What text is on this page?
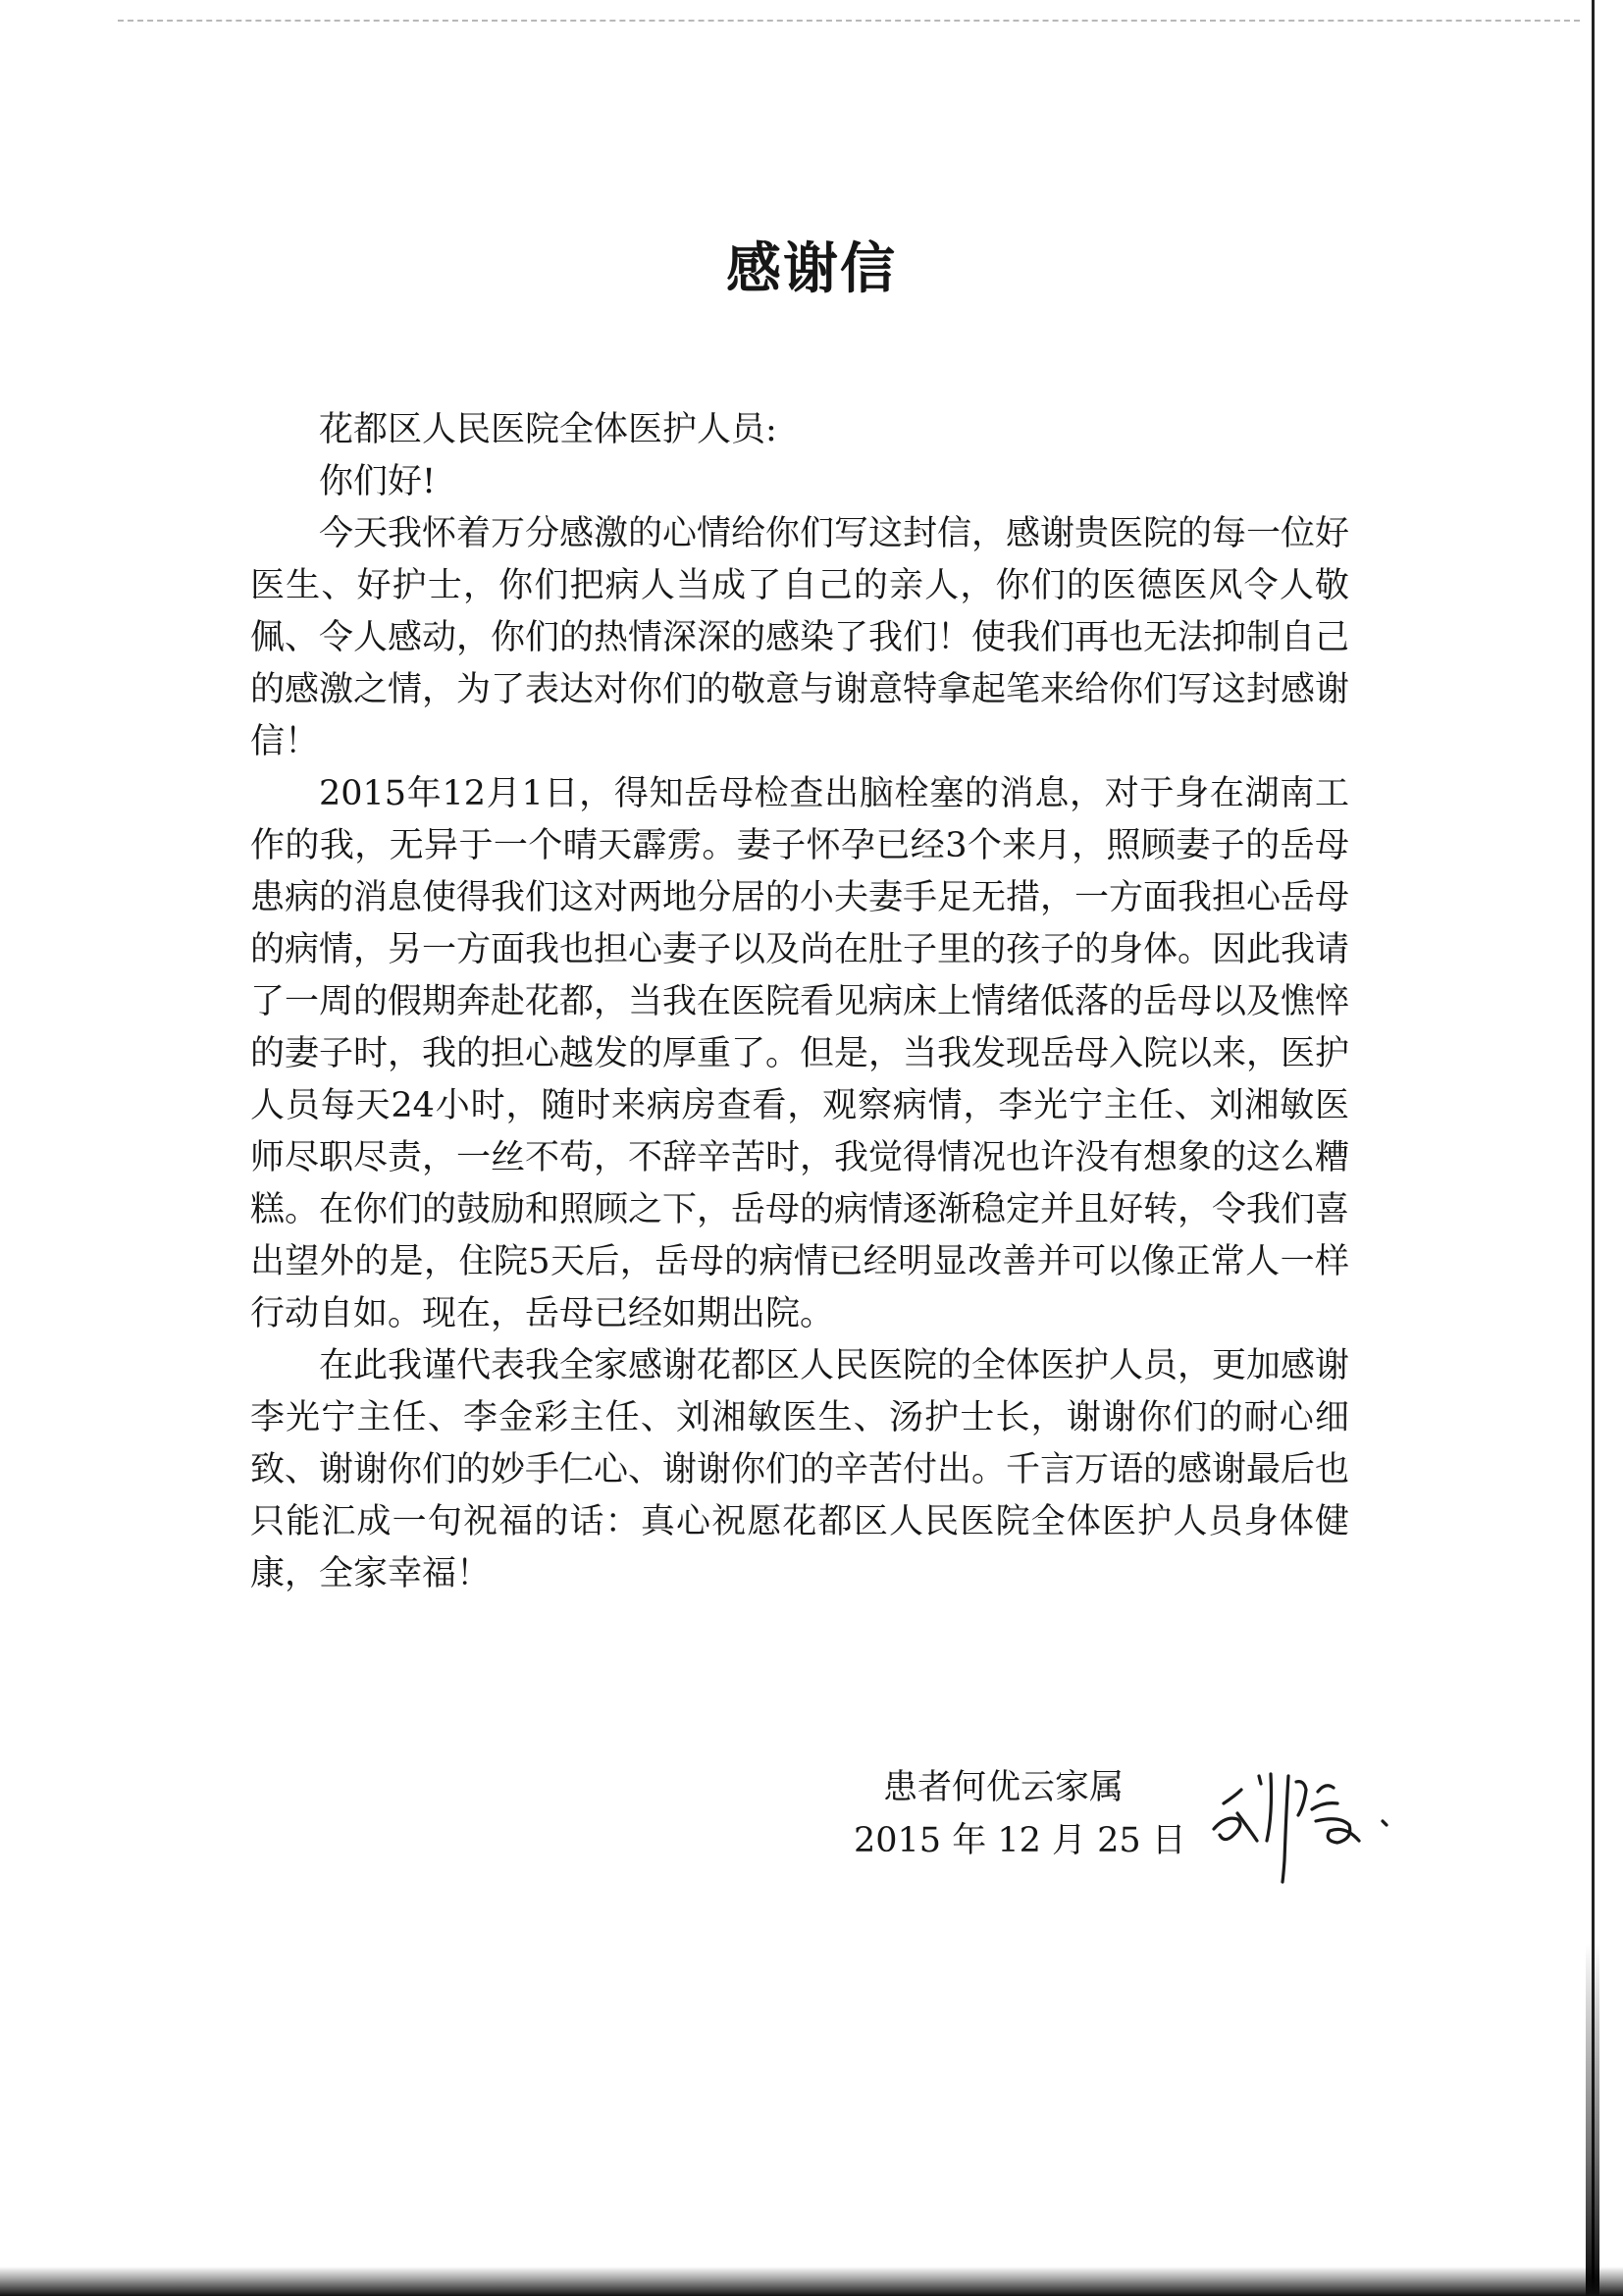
感谢信

花都区人民医院全体医护人员:

你们好!

今天我怀着万分感激的心情给你们写这封信，感谢贵医院的每一位好医生、好护士，你们把病人当成了自己的亲人，你们的医德医风令人敬佩、令人感动，你们的热情深深的感染了我们！使我们再也无法抑制自己的感激之情，为了表达对你们的敬意与谢意特拿起笔来给你们写这封感谢信！

2015年12月1日，得知岳母检查出脑栓塞的消息，对于身在湖南工作的我，无异于一个晴天霹雳。妻子怀孕已经3个来月，照顾妻子的岳母患病的消息使得我们这对两地分居的小夫妻手足无措，一方面我担心岳母的病情，另一方面我也担心妻子以及尚在肚子里的孩子的身体。因此我请了一周的假期奔赴花都，当我在医院看见病床上情绪低落的岳母以及憔悴的妻子时，我的担心越发的厚重了。但是，当我发现岳母入院以来，医护人员每天24小时，随时来病房查看，观察病情，李光宁主任、刘湘敏医师尽职尽责，一丝不苟，不辞辛苦时，我觉得情况也许没有想象的这么糟糕。在你们的鼓励和照顾之下，岳母的病情逐渐稳定并且好转，令我们喜出望外的是，住院5天后，岳母的病情已经明显改善并可以像正常人一样行动自如。现在，岳母已经如期出院。

在此我谨代表我全家感谢花都区人民医院的全体医护人员，更加感谢李光宁主任、李金彩主任、刘湘敏医生、汤护士长，谢谢你们的耐心细致、谢谢你们的妙手仁心、谢谢你们的辛苦付出。千言万语的感谢最后也只能汇成一句祝福的话：真心祝愿花都区人民医院全体医护人员身体健康，全家幸福！

患者何优云家属
2015 年 12 月 25 日
